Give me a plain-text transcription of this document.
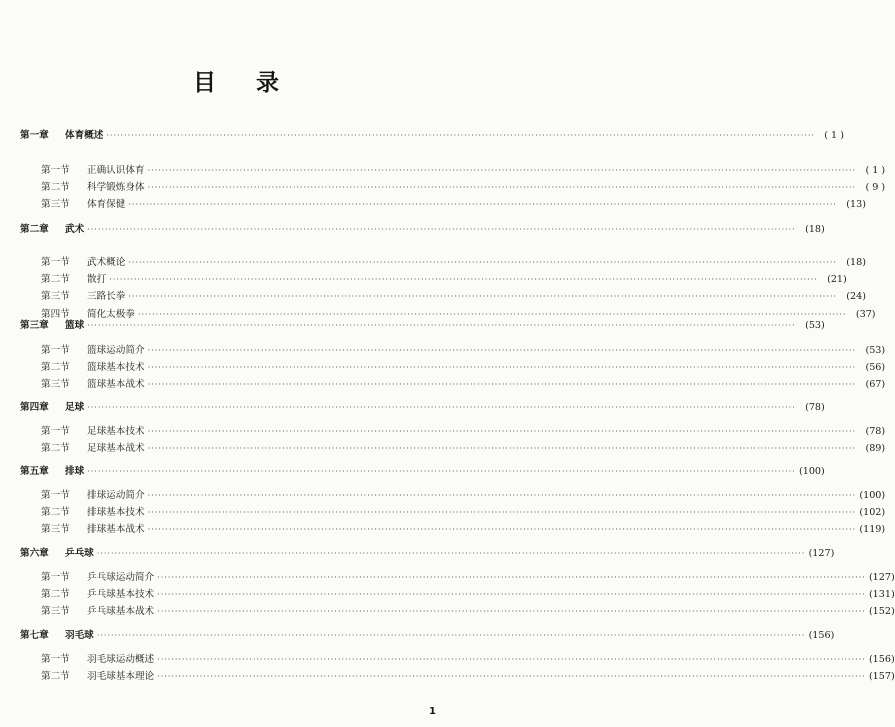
目 录
第一章 体育概述 ········································································································································································································ ( 1 )
第一节 正确认识体育 ········································································································································································································ ( 1 )
第二节 科学锻炼身体 ········································································································································································································ ( 9 )
第三节 体育保健 ········································································································································································································ (13)
第二章 武术 ········································································································································································································ (18)
第一节 武术概论 ········································································································································································································ (18)
第二节 散打 ········································································································································································································ (21)
第三节 三路长拳 ········································································································································································································ (24)
第四节 简化太极拳 ········································································································································································································ (37)
第三章 篮球 ········································································································································································································ (53)
第一节 篮球运动简介 ········································································································································································································ (53)
第二节 篮球基本技术 ········································································································································································································ (56)
第三节 篮球基本战术 ········································································································································································································ (67)
第四章 足球 ········································································································································································································ (78)
第一节 足球基本技术 ········································································································································································································ (78)
第二节 足球基本战术 ········································································································································································································ (89)
第五章 排球 ········································································································································································································ (100)
第一节 排球运动简介 ········································································································································································································ (100)
第二节 排球基本技术 ········································································································································································································ (102)
第三节 排球基本战术 ········································································································································································································ (119)
第六章 乒乓球 ········································································································································································································ (127)
第一节 乒乓球运动简介 ········································································································································································································ (127)
第二节 乒乓球基本技术 ········································································································································································································ (131)
第三节 乒乓球基本战术 ········································································································································································································ (152)
第七章 羽毛球 ········································································································································································································ (156)
第一节 羽毛球运动概述 ········································································································································································································ (156)
第二节 羽毛球基本理论 ········································································································································································································ (157)
1
